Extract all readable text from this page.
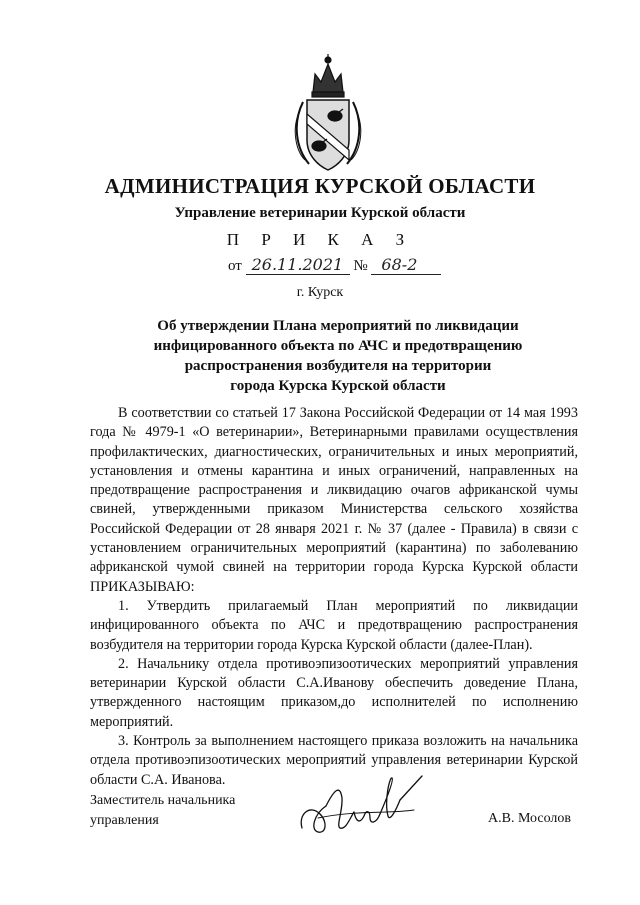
АДМИНИСТРАЦИЯ КУРСКОЙ ОБЛАСТИ
Управление ветеринарии Курской области
П Р И К А З
от 26.11.2021 № 68-2
г. Курск
Об утверждении Плана мероприятий по ликвидации
инфицированного объекта по АЧС и предотвращению
распространения возбудителя на территории
города Курска Курской области

В соответствии со статьей 17 Закона Российской Федерации от 14 мая 1993 года № 4979-1 «О ветеринарии», Ветеринарными правилами осуществления профилактических, диагностических, ограничительных и иных мероприятий, установления и отмены карантина и иных ограничений, направленных на предотвращение распространения и ликвидацию очагов африканской чумы свиней, утвержденными приказом Министерства сельского хозяйства Российской Федерации от 28 января 2021 г. № 37 (далее - Правила) в связи с установлением ограничительных мероприятий (карантина) по заболеванию африканской чумой свиней на территории города Курска Курской области ПРИКАЗЫВАЮ:

1. Утвердить прилагаемый План мероприятий по ликвидации инфицированного объекта по АЧС и предотвращению распространения возбудителя на территории города Курска Курской области (далее-План).

2. Начальнику отдела противоэпизоотических мероприятий управления ветеринарии Курской области С.А.Иванову обеспечить доведение Плана, утвержденного настоящим приказом,до исполнителей по исполнению мероприятий.

3. Контроль за выполнением настоящего приказа возложить на начальника отдела противоэпизоотических мероприятий управления ветеринарии Курской области С.А. Иванова.

Заместитель начальника
управления	А.В. Мосолов
